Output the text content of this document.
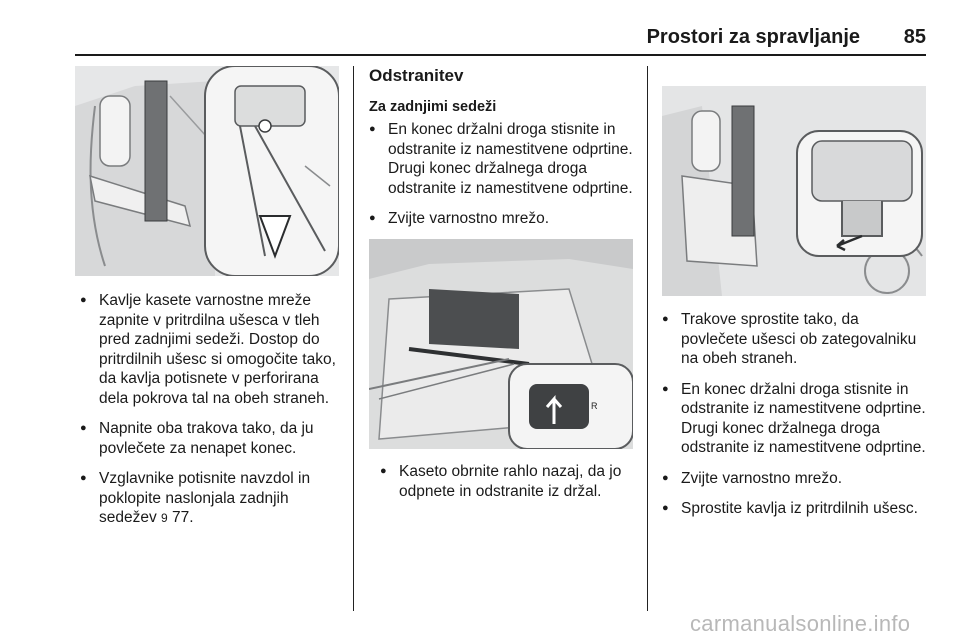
Prostori za spravljanje	85
● Kavlje kasete varnostne mreže zapnite v pritrdilna ušesca v tleh pred zadnjimi sedeži. Dostop do pritrdilnih ušesc si omogočite tako, da kavlja potisnete v perforirana dela pokrova tal na obeh straneh.
● Napnite oba trakova tako, da ju povlečete za nenapet konec.
● Vzglavnike potisnite navzdol in poklopite naslonjala zadnjih sedežev 9 77.
Odstranitev
Za zadnjimi sedeži
● En konec držalni droga stisnite in odstranite iz namestitvene odprtine. Drugi konec držalnega droga odstranite iz namestitvene odprtine.
● Zvijte varnostno mrežo.
R
● Kaseto obrnite rahlo nazaj, da jo odpnete in odstranite iz držal.
● Trakove sprostite tako, da povlečete ušesci ob zategovalniku na obeh straneh.
● En konec držalni droga stisnite in odstranite iz namestitvene odprtine. Drugi konec držalnega droga odstranite iz namestitvene odprtine.
● Zvijte varnostno mrežo.
● Sprostite kavlja iz pritrdilnih ušesc.
carmanualsonline.info
